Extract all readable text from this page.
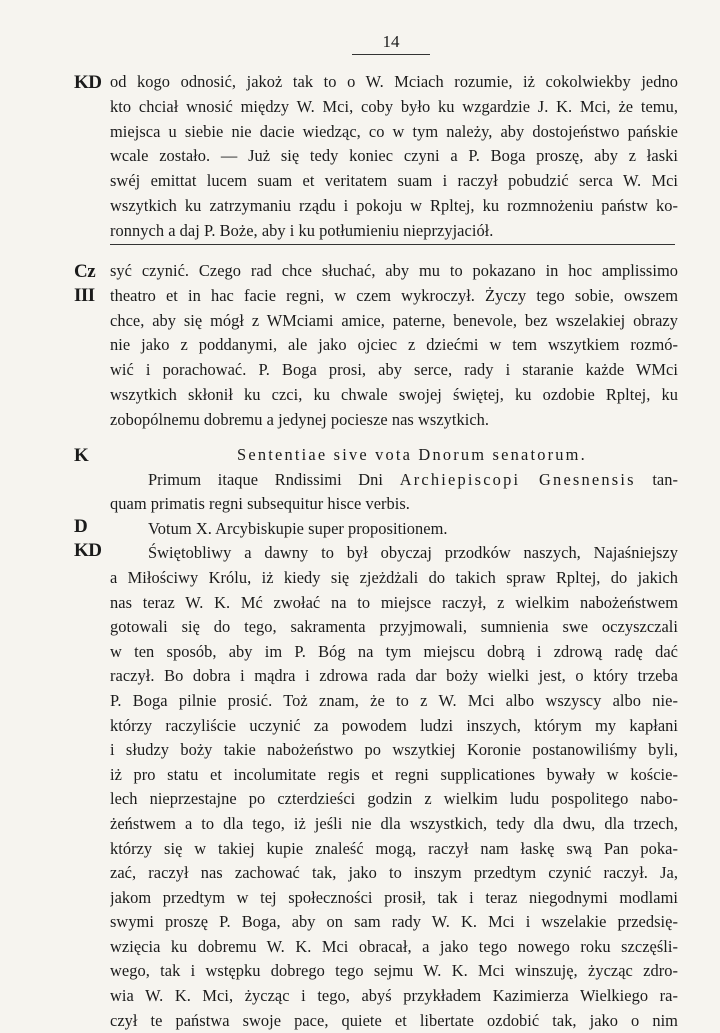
14
KD od kogo odnosić, jakoż tak to o W. Mciach rozumie, iż cokolwiekby jedno
kto chciał wnosić między W. Mci, coby było ku wzgardzie J. K. Mci, że temu,
miejsca u siebie nie dacie wiedząc, co w tym należy, aby dostojeństwo pańskie
wcale zostało. — Już się tedy koniec czyni a P. Boga proszę, aby z łaski
swéj emittat lucem suam et veritatem suam i raczył pobudzić serca W. Mci
wszytkich ku zatrzymaniu rządu i pokoju w Rpltej, ku rozmnożeniu państw ko-
ronnych a daj P. Boże, aby i ku potłumieniu nieprzyjaciół.
Cz
III
syć czynić. Czego rad chce słuchać, aby mu to pokazano in hoc amplissimo
theatro et in hac facie regni, w czem wykroczył. Życzy tego sobie, owszem
chce, aby się mógł z WMciami amice, paterne, benevole, bez wszelakiej obrazy
nie jako z poddanymi, ale jako ojciec z dziećmi w tem wszytkiem rozmó-
wić i porachować. P. Boga prosi, aby serce, rady i staranie każde WMci
wszytkich skłonił ku czci, ku chwale swojej świętej, ku ozdobie Rpltej, ku
zobopólnemu dobremu a jedynej pociesze nas wszytkich.
K
D
KD
Sententiae sive vota Dnorum senatorum.
Primum itaque Rndissimi Dni Archiepiscopi Gnesnensis tan-
quam primatis regni subsequitur hisce verbis.
Votum X. Arcybiskupie super propositionem.
Świętobliwy a dawny to był obyczaj przodków naszych, Najaśniejszy
a Miłościwy Królu, iż kiedy się zjeżdżali do takich spraw Rpltej, do jakich
nas teraz W. K. Mć zwołać na to miejsce raczył, z wielkim nabożeństwem
gotowali się do tego, sakramenta przyjmowali, sumnienia swe oczyszczali
w ten sposób, aby im P. Bóg na tym miejscu dobrą i zdrową radę dać
raczył. Bo dobra i mądra i zdrowa rada dar boży wielki jest, o który trzeba
P. Boga pilnie prosić. Toż znam, że to z W. Mci albo wszyscy albo nie-
którzy raczyliście uczynić za powodem ludzi inszych, którym my kapłani
i słudzy boży takie nabożeństwo po wszytkiej Koronie postanowiliśmy byli,
iż pro statu et incolumitate regis et regni supplicationes bywały w koście-
lech nieprzestajne po czterdzieści godzin z wielkim ludu pospolitego nabo-
żeństwem a to dla tego, iż jeśli nie dla wszystkich, tedy dla dwu, dla trzech,
którzy się w takiej kupie znaleść mogą, raczył nam łaskę swą Pan poka-
zać, raczył nas zachować tak, jako to inszym przedtym czynić raczył. Ja,
jakom przedtym w tej społeczności prosił, tak i teraz niegodnymi modlami
swymi proszę P. Boga, aby on sam rady W. K. Mci i wszelakie przedsię-
wzięcia ku dobremu W. K. Mci obracał, a jako tego nowego roku szczęśli-
wego, tak i wstępku dobrego tego sejmu W. K. Mci winszuję, życząc zdro-
wia W. K. Mci, życząc i tego, abyś przykładem Kazimierza Wielkiego ra-
czył te państwa swoje pace, quiete et libertate ozdobić tak, jako o nim
